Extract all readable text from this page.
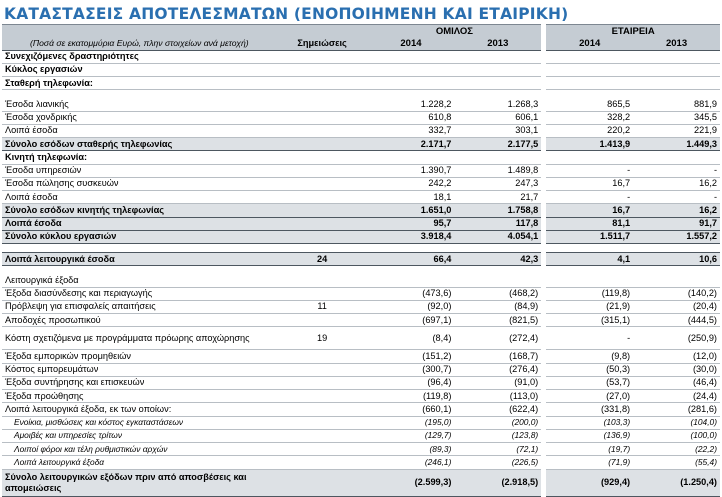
ΚΑΤΑΣΤΑΣΕΙΣ ΑΠΟΤΕΛΕΣΜΑΤΩΝ (ΕΝΟΠΟΙΗΜΕΝΗ ΚΑΙ ΕΤΑΙΡΙΚΗ)
		ΟΜΙΛΟΣ			ΕΤΑΙΡΕΙΑ	
(Ποσά σε εκατομμύρια Ευρώ, πλην στοιχείων ανά μετοχή)	Σημειώσεις	2014	2013		2014	2013
Συνεχιζόμενες δραστηριότητες						
Κύκλος εργασιών						
Σταθερή τηλεφωνία:						

Έσοδα λιανικής		1.228,2	1.268,3		865,5	881,9
Έσοδα χονδρικής		610,8	606,1		328,2	345,5
Λοιπά έσοδα		332,7	303,1		220,2	221,9
Σύνολο εσόδων σταθερής τηλεφωνίας		2.171,7	2.177,5		1.413,9	1.449,3
Κινητή τηλεφωνία:						
Έσοδα υπηρεσιών		1.390,7	1.489,8		-	-
Έσοδα πώλησης συσκευών		242,2	247,3		16,7	16,2
Λοιπά έσοδα		18,1	21,7		-	-
Σύνολο εσόδων κινητής τηλεφωνίας		1.651,0	1.758,8		16,7	16,2
Λοιπά έσοδα		95,7	117,8		81,1	91,7
Σύνολο κύκλου εργασιών		3.918,4	4.054,1		1.511,7	1.557,2

Λοιπά λειτουργικά έσοδα	24	66,4	42,3		4,1	10,6

Λειτουργικά έξοδα						
Έξοδα διασύνδεσης και περιαγωγής		(473,6)	(468,2)		(119,8)	(140,2)
Πρόβλεψη για επισφαλείς απαιτήσεις	11	(92,0)	(84,9)		(21,9)	(20,4)
Αποδοχές προσωπικού		(697,1)	(821,5)		(315,1)	(444,5)
Κόστη σχετιζόμενα με προγράμματα πρόωρης αποχώρησης	19	(8,4)	(272,4)		-	(250,9)
Έξοδα εμπορικών προμηθειών		(151,2)	(168,7)		(9,8)	(12,0)
Κόστος εμπορευμάτων		(300,7)	(276,4)		(50,3)	(30,0)
Έξοδα συντήρησης και επισκευών		(96,4)	(91,0)		(53,7)	(46,4)
Έξοδα προώθησης		(119,8)	(113,0)		(27,0)	(24,4)
Λοιπά λειτουργικά έξοδα, εκ των οποίων:		(660,1)	(622,4)		(331,8)	(281,6)
Ενοίκια, μισθώσεις και κόστος εγκαταστάσεων		(195,0)	(200,0)		(103,3)	(104,0)
Αμοιβές και υπηρεσίες τρίτων		(129,7)	(123,8)		(136,9)	(100,0)
Λοιποί φόροι και τέλη ρυθμιστικών αρχών		(89,3)	(72,1)		(19,7)	(22,2)
Λοιπά λειτουργικά έξοδα		(246,1)	(226,5)		(71,9)	(55,4)
Σύνολο λειτουργικών εξόδων πριν από αποσβέσεις και απομειώσεις		(2.599,3)	(2.918,5)		(929,4)	(1.250,4)
